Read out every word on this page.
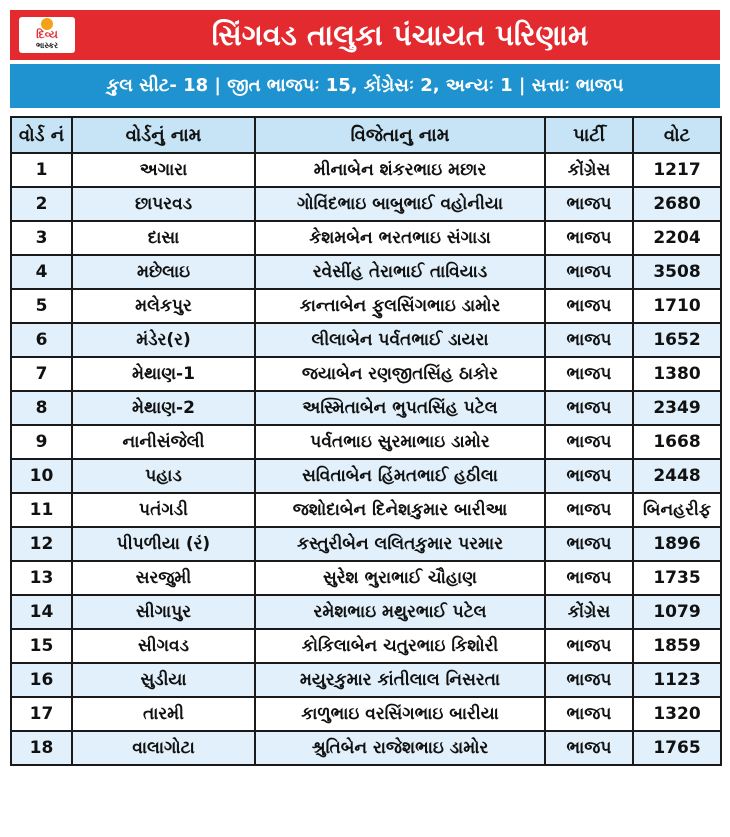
દિવ્ય
ભાસ્કર	સિંગવડ તાલુકા પંચાયત પરિણામ
કુલ સીટ- 18 | જીત ભાજપઃ 15, કોંગ્રેસઃ 2, અન્યઃ 1 | સત્તાઃ ભાજપ
વોર્ડ નં	વોર્ડનું નામ	વિજેતાનુ નામ	પાર્ટી	વોટ
1	અગારા	મીનાબેન શંકરભાઇ મછાર	કોંગ્રેસ	1217
2	છાપરવડ	ગોવિંદભાઇ બાબુભાઈ વહોનીયા	ભાજપ	2680
3	દાસા	કેશમબેન ભરતભાઇ સંગાડા	ભાજપ	2204
4	મછેલાઇ	રવેસીંહ તેરાભાઈ તાવિયાડ	ભાજપ	3508
5	મલેકપુર	કાન્તાબેન ફુલસિંગભાઇ ડામોર	ભાજપ	1710
6	મંડેર(ર)	લીલાબેન પર્વતભાઈ ડાયરા	ભાજપ	1652
7	મેથાણ-1	જયાબેન રણજીતસિંહ ઠાકોર	ભાજપ	1380
8	મેથાણ-2	અસ્મિતાબેન ભુપતસિંહ પટેલ	ભાજપ	2349
9	નાનીસંજેલી	પર્વતભાઇ સુરમાભાઇ ડામોર	ભાજપ	1668
10	પહાડ	સવિતાબેન હિંમતભાઈ હઠીલા	ભાજપ	2448
11	પતંગડી	જશોદાબેન દિનેશકુમાર બારીઆ	ભાજપ	બિનહરીફ
12	પીપળીયા (રં)	કસ્તુરીબેન લલિતકુમાર પરમાર	ભાજપ	1896
13	સરજુમી	સુરેશ ભુરાભાઈ ચૌહાણ	ભાજપ	1735
14	સીગાપુર	રમેશભાઇ મથુરભાઈ પટેલ	કોંગ્રેસ	1079
15	સીગવડ	કોકિલાબેન ચતુરભાઇ કિશોરી	ભાજપ	1859
16	સુડીયા	મયુરકુમાર કાંતીલાલ નિસરતા	ભાજપ	1123
17	તારમી	કાળુભાઇ વરસિંગભાઇ બારીયા	ભાજપ	1320
18	વાલાગોટા	શ્રુતિબેન રાજેશભાઇ ડામોર	ભાજપ	1765
